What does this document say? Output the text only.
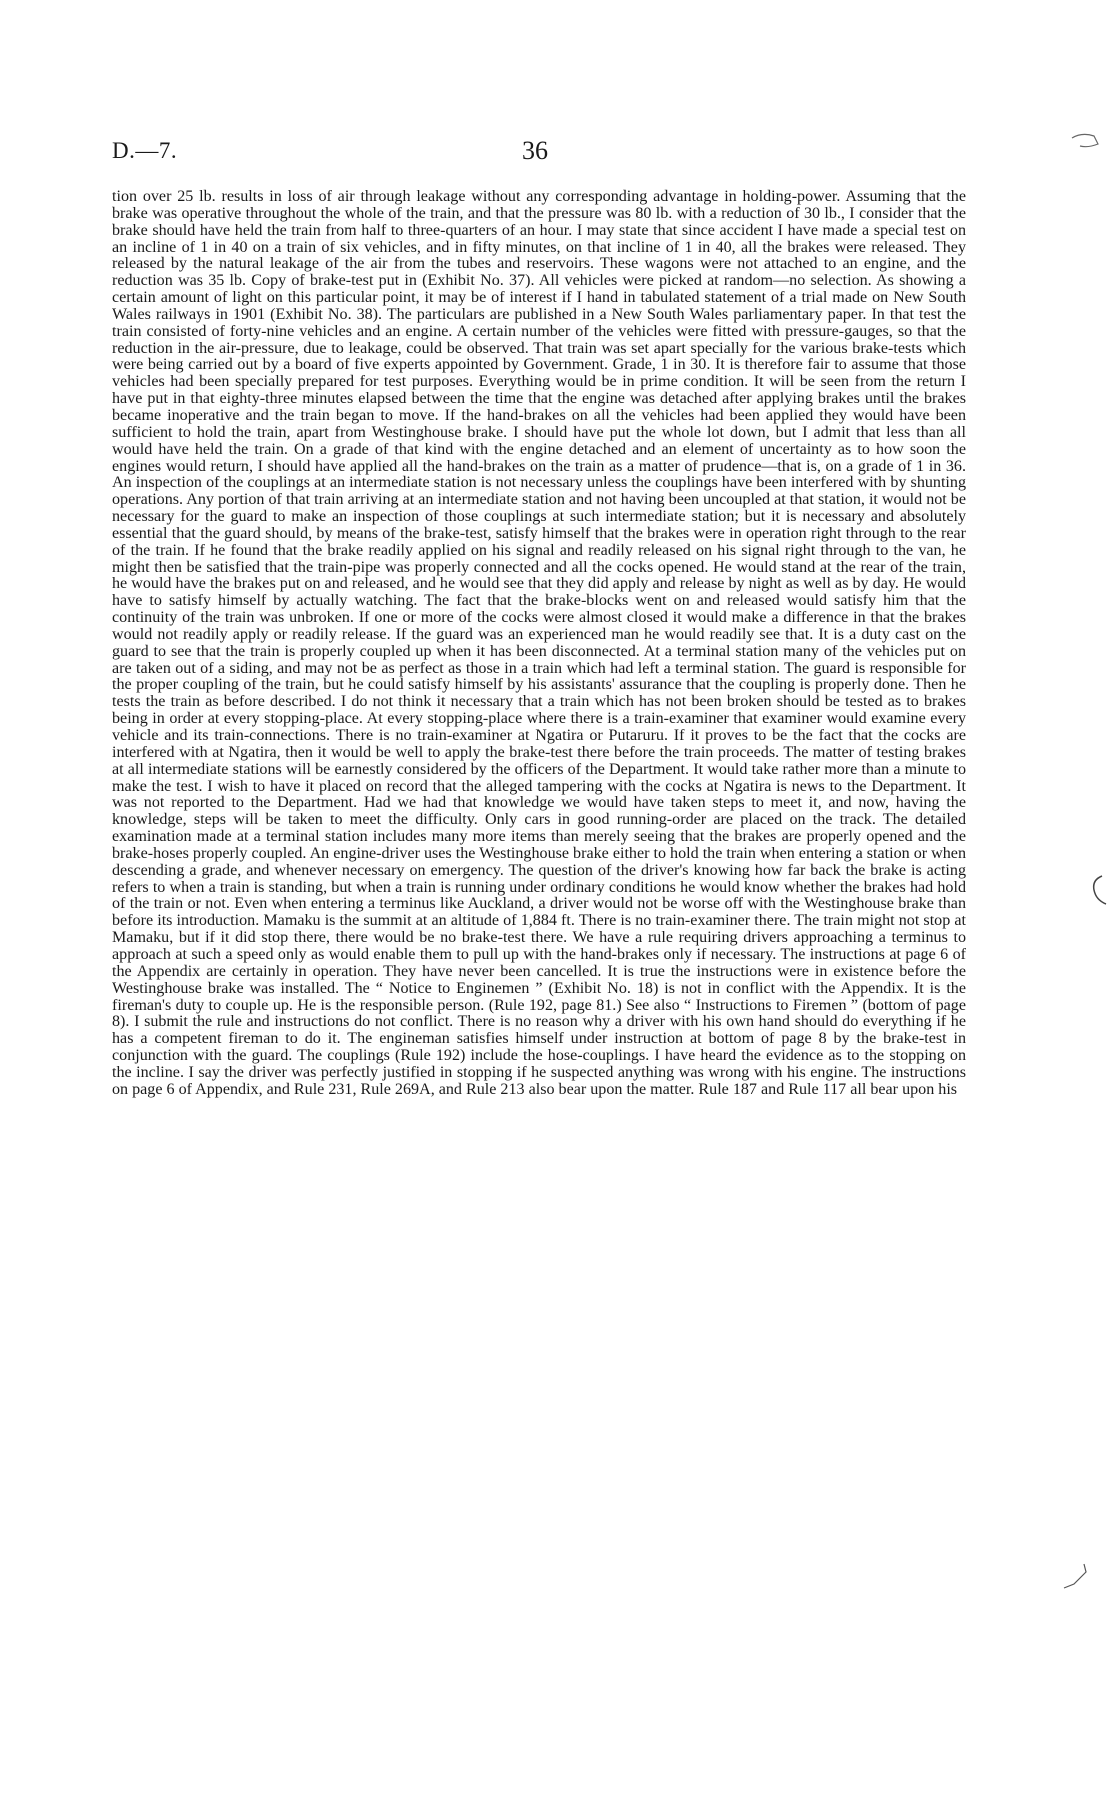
D.—7.	36

tion over 25 lb. results in loss of air through leakage without any corresponding advantage in holding-power. Assuming that the brake was operative throughout the whole of the train, and that the pressure was 80 lb. with a reduction of 30 lb., I consider that the brake should have held the train from half to three-quarters of an hour. I may state that since accident I have made a special test on an incline of 1 in 40 on a train of six vehicles, and in fifty minutes, on that incline of 1 in 40, all the brakes were released. They released by the natural leakage of the air from the tubes and reservoirs. These wagons were not attached to an engine, and the reduction was 35 lb. Copy of brake-test put in (Exhibit No. 37). All vehicles were picked at random—no selection. As showing a certain amount of light on this particular point, it may be of interest if I hand in tabulated statement of a trial made on New South Wales railways in 1901 (Exhibit No. 38). The particulars are published in a New South Wales parliamentary paper. In that test the train consisted of forty-nine vehicles and an engine. A certain number of the vehicles were fitted with pressure-gauges, so that the reduction in the air-pressure, due to leakage, could be observed. That train was set apart specially for the various brake-tests which were being carried out by a board of five experts appointed by Government. Grade, 1 in 30. It is therefore fair to assume that those vehicles had been specially prepared for test purposes. Everything would be in prime condition. It will be seen from the return I have put in that eighty-three minutes elapsed between the time that the engine was detached after applying brakes until the brakes became inoperative and the train began to move. If the hand-brakes on all the vehicles had been applied they would have been sufficient to hold the train, apart from Westinghouse brake. I should have put the whole lot down, but I admit that less than all would have held the train. On a grade of that kind with the engine detached and an element of uncertainty as to how soon the engines would return, I should have applied all the hand-brakes on the train as a matter of prudence—that is, on a grade of 1 in 36. An inspection of the couplings at an intermediate station is not necessary unless the couplings have been interfered with by shunting operations. Any portion of that train arriving at an intermediate station and not having been uncoupled at that station, it would not be necessary for the guard to make an inspection of those couplings at such intermediate station; but it is necessary and absolutely essential that the guard should, by means of the brake-test, satisfy himself that the brakes were in operation right through to the rear of the train. If he found that the brake readily applied on his signal and readily released on his signal right through to the van, he might then be satisfied that the train-pipe was properly connected and all the cocks opened. He would stand at the rear of the train, he would have the brakes put on and released, and he would see that they did apply and release by night as well as by day. He would have to satisfy himself by actually watching. The fact that the brake-blocks went on and released would satisfy him that the continuity of the train was unbroken. If one or more of the cocks were almost closed it would make a difference in that the brakes would not readily apply or readily release. If the guard was an experienced man he would readily see that. It is a duty cast on the guard to see that the train is properly coupled up when it has been disconnected. At a terminal station many of the vehicles put on are taken out of a siding, and may not be as perfect as those in a train which had left a terminal station. The guard is responsible for the proper coupling of the train, but he could satisfy himself by his assistants' assurance that the coupling is properly done. Then he tests the train as before described. I do not think it necessary that a train which has not been broken should be tested as to brakes being in order at every stopping-place. At every stopping-place where there is a train-examiner that examiner would examine every vehicle and its train-connections. There is no train-examiner at Ngatira or Putaruru. If it proves to be the fact that the cocks are interfered with at Ngatira, then it would be well to apply the brake-test there before the train proceeds. The matter of testing brakes at all intermediate stations will be earnestly considered by the officers of the Department. It would take rather more than a minute to make the test. I wish to have it placed on record that the alleged tampering with the cocks at Ngatira is news to the Department. It was not reported to the Department. Had we had that knowledge we would have taken steps to meet it, and now, having the knowledge, steps will be taken to meet the difficulty. Only cars in good running-order are placed on the track. The detailed examination made at a terminal station includes many more items than merely seeing that the brakes are properly opened and the brake-hoses properly coupled. An engine-driver uses the Westinghouse brake either to hold the train when entering a station or when descending a grade, and whenever necessary on emergency. The question of the driver's knowing how far back the brake is acting refers to when a train is standing, but when a train is running under ordinary conditions he would know whether the brakes had hold of the train or not. Even when entering a terminus like Auckland, a driver would not be worse off with the Westinghouse brake than before its introduction. Mamaku is the summit at an altitude of 1,884 ft. There is no train-examiner there. The train might not stop at Mamaku, but if it did stop there, there would be no brake-test there. We have a rule requiring drivers approaching a terminus to approach at such a speed only as would enable them to pull up with the hand-brakes only if necessary. The instructions at page 6 of the Appendix are certainly in operation. They have never been cancelled. It is true the instructions were in existence before the Westinghouse brake was installed. The “ Notice to Enginemen ” (Exhibit No. 18) is not in conflict with the Appendix. It is the fireman's duty to couple up. He is the responsible person. (Rule 192, page 81.) See also “ Instructions to Firemen ” (bottom of page 8). I submit the rule and instructions do not conflict. There is no reason why a driver with his own hand should do everything if he has a competent fireman to do it. The engineman satisfies himself under instruction at bottom of page 8 by the brake-test in conjunction with the guard. The couplings (Rule 192) include the hose-couplings. I have heard the evidence as to the stopping on the incline. I say the driver was perfectly justified in stopping if he suspected anything was wrong with his engine. The instructions on page 6 of Appendix, and Rule 231, Rule 269A, and Rule 213 also bear upon the matter. Rule 187 and Rule 117 all bear upon his
